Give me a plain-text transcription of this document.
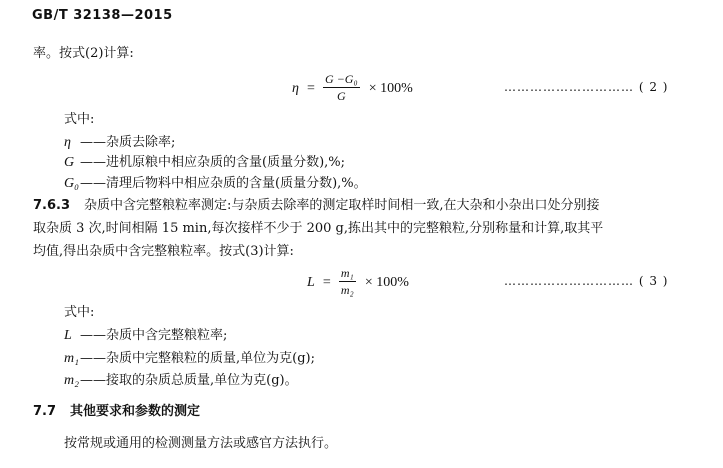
GB/T 32138—2015
率。按式(2)计算:
$\eta = \frac{\text{G −G₀}}{G} \times 100\%$	………………………… ( 2 )
式中:
η ——杂质去除率;
G ——进机原粮中相应杂质的含量(质量分数),%;
G₀——清理后物料中相应杂质的含量(质量分数),%。
7.6.3 杂质中含完整粮粒率测定:与杂质去除率的测定取样时间相一致,在大杂和小杂出口处分别接
取杂质 3 次,时间相隔 15 min,每次接样不少于 200 g,拣出其中的完整粮粒,分别称量和计算,取其平
均值,得出杂质中含完整粮粒率。按式(3)计算:
$L = \frac{\text{m₁}}{\text{m₂}} \times 100\%$	………………………… ( 3 )
式中:
L ——杂质中含完整粮粒率;
m₁——杂质中完整粮粒的质量,单位为克(g);
m₂——接取的杂质总质量,单位为克(g)。
7.7 其他要求和参数的测定
按常规或通用的检测测量方法或感官方法执行。
